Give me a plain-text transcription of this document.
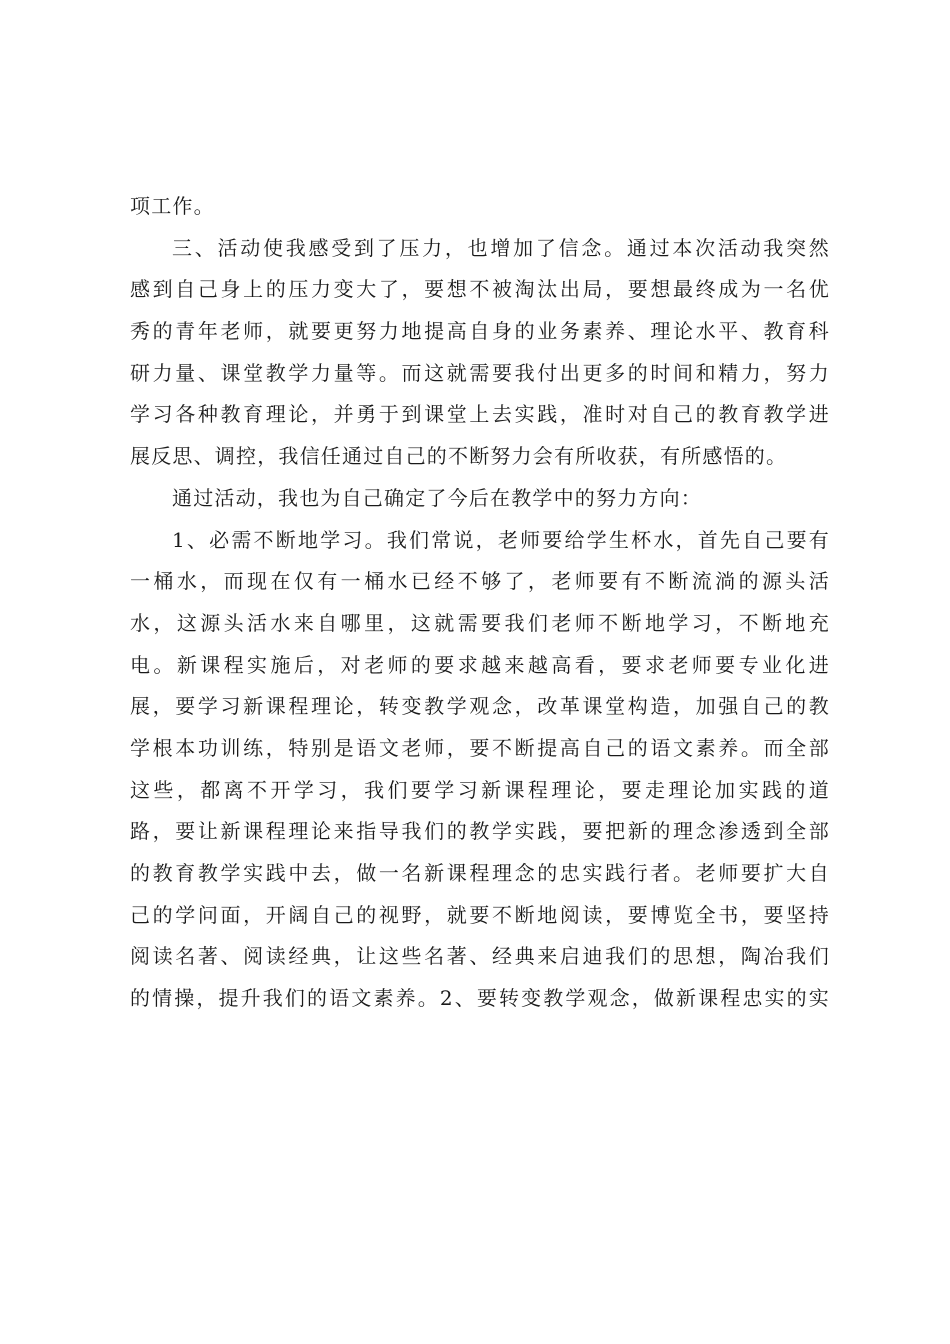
项工作。
三、活动使我感受到了压力，也增加了信念。通过本次活动我突然
感到自己身上的压力变大了，要想不被淘汰出局，要想最终成为一名优
秀的青年老师，就要更努力地提高自身的业务素养、理论水平、教育科
研力量、课堂教学力量等。而这就需要我付出更多的时间和精力，努力
学习各种教育理论，并勇于到课堂上去实践，准时对自己的教育教学进
展反思、调控，我信任通过自己的不断努力会有所收获，有所感悟的。
通过活动，我也为自己确定了今后在教学中的努力方向：
1、必需不断地学习。我们常说，老师要给学生杯水，首先自己要有
一桶水，而现在仅有一桶水已经不够了，老师要有不断流淌的源头活
水，这源头活水来自哪里，这就需要我们老师不断地学习，不断地充
电。新课程实施后，对老师的要求越来越高看，要求老师要专业化进
展，要学习新课程理论，转变教学观念，改革课堂构造，加强自己的教
学根本功训练，特别是语文老师，要不断提高自己的语文素养。而全部
这些，都离不开学习，我们要学习新课程理论，要走理论加实践的道
路，要让新课程理论来指导我们的教学实践，要把新的理念渗透到全部
的教育教学实践中去，做一名新课程理念的忠实践行者。老师要扩大自
己的学问面，开阔自己的视野，就要不断地阅读，要博览全书，要坚持
阅读名著、阅读经典，让这些名著、经典来启迪我们的思想，陶冶我们
的情操，提升我们的语文素养。2、要转变教学观念，做新课程忠实的实
